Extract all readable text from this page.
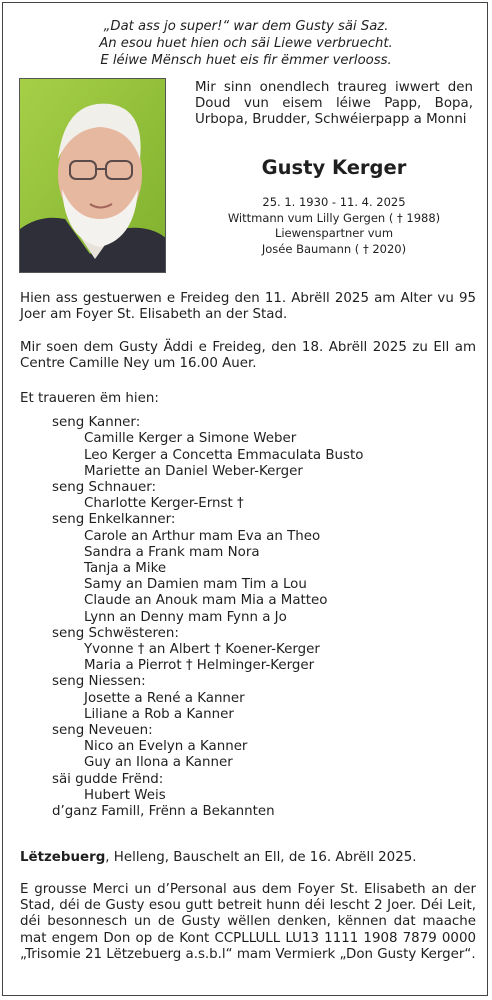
„Dat ass jo super!“ war dem Gusty säi Saz.
An esou huet hien och säi Liewe verbruecht.
E léiwe Mënsch huet eis fir ëmmer verlooss.
Mir sinn onendlech traureg iwwert den Doud vun eisem léiwe Papp, Bopa, Urbopa, Brudder, Schwéierpapp a Monni
Gusty Kerger
25. 1. 1930 - 11. 4. 2025
Wittmann vum Lilly Gergen ( † 1988)
Liewenspartner vum
Josée Baumann ( † 2020)
Hien ass gestuerwen e Freideg den 11. Abrëll 2025 am Alter vu 95 Joer am Foyer St. Elisabeth an der Stad.
Mir soen dem Gusty Äddi e Freideg, den 18. Abrëll 2025 zu Ell am Centre Camille Ney um 16.00 Auer.
Et traueren ëm hien:
seng Kanner:
Camille Kerger a Simone Weber
Leo Kerger a Concetta Emmaculata Busto
Mariette an Daniel Weber-Kerger
seng Schnauer:
Charlotte Kerger-Ernst †
seng Enkelkanner:
Carole an Arthur mam Eva an Theo
Sandra a Frank mam Nora
Tanja a Mike
Samy an Damien mam Tim a Lou
Claude an Anouk mam Mia a Matteo
Lynn an Denny mam Fynn a Jo
seng Schwësteren:
Yvonne † an Albert † Koener-Kerger
Maria a Pierrot † Helminger-Kerger
seng Niessen:
Josette a René a Kanner
Liliane a Rob a Kanner
seng Neveuen:
Nico an Evelyn a Kanner
Guy an Ilona a Kanner
säi gudde Frënd:
Hubert Weis
d’ganz Famill, Frënn a Bekannten
Lëtzebuerg, Helleng, Bauschelt an Ell, de 16. Abrëll 2025.
E grousse Merci un d’Personal aus dem Foyer St. Elisabeth an der Stad, déi de Gusty esou gutt betreit hunn déi lescht 2 Joer. Déi Leit, déi besonnesch un de Gusty wëllen denken, kënnen dat maache mat engem Don op de Kont CCPLLULL LU13 1111 1908 7879 0000 „Trisomie 21 Lëtzebuerg a.s.b.l“ mam Vermierk „Don Gusty Kerger“.
